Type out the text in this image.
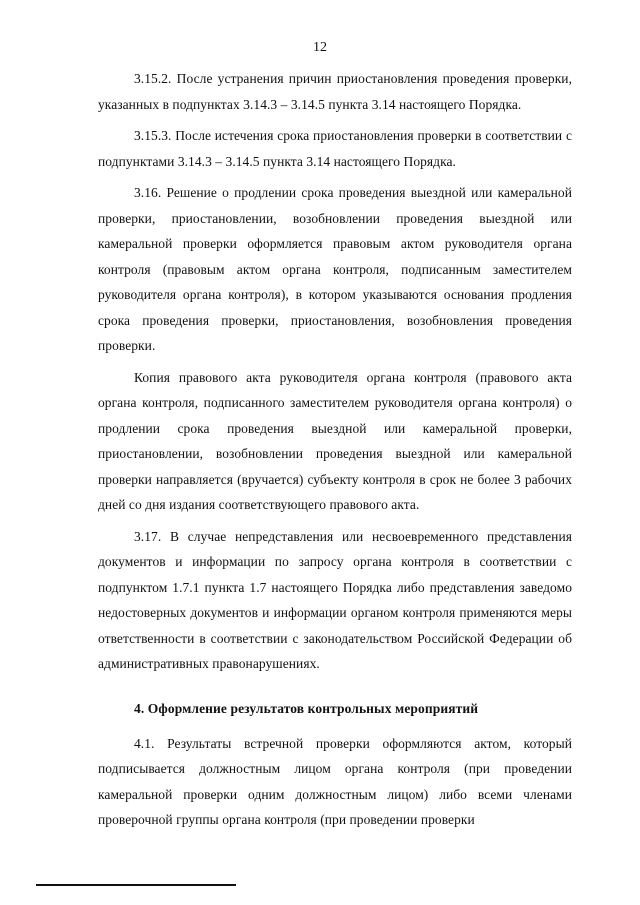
12

3.15.2. После устранения причин приостановления проведения проверки, указанных в подпунктах 3.14.3 – 3.14.5 пункта 3.14 настоящего Порядка.

3.15.3. После истечения срока приостановления проверки в соответствии с подпунктами 3.14.3 – 3.14.5 пункта 3.14 настоящего Порядка.

3.16. Решение о продлении срока проведения выездной или камеральной проверки, приостановлении, возобновлении проведения выездной или камеральной проверки оформляется правовым актом руководителя органа контроля (правовым актом органа контроля, подписанным заместителем руководителя органа контроля), в котором указываются основания продления срока проведения проверки, приостановления, возобновления проведения проверки.

Копия правового акта руководителя органа контроля (правового акта органа контроля, подписанного заместителем руководителя органа контроля) о продлении срока проведения выездной или камеральной проверки, приостановлении, возобновлении проведения выездной или камеральной проверки направляется (вручается) субъекту контроля в срок не более 3 рабочих дней со дня издания соответствующего правового акта.

3.17. В случае непредставления или несвоевременного представления документов и информации по запросу органа контроля в соответствии с подпунктом 1.7.1 пункта 1.7 настоящего Порядка либо представления заведомо недостоверных документов и информации органом контроля применяются меры ответственности в соответствии с законодательством Российской Федерации об административных правонарушениях.

4. Оформление результатов контрольных мероприятий

4.1. Результаты встречной проверки оформляются актом, который подписывается должностным лицом органа контроля (при проведении камеральной проверки одним должностным лицом) либо всеми членами проверочной группы органа контроля (при проведении проверки
